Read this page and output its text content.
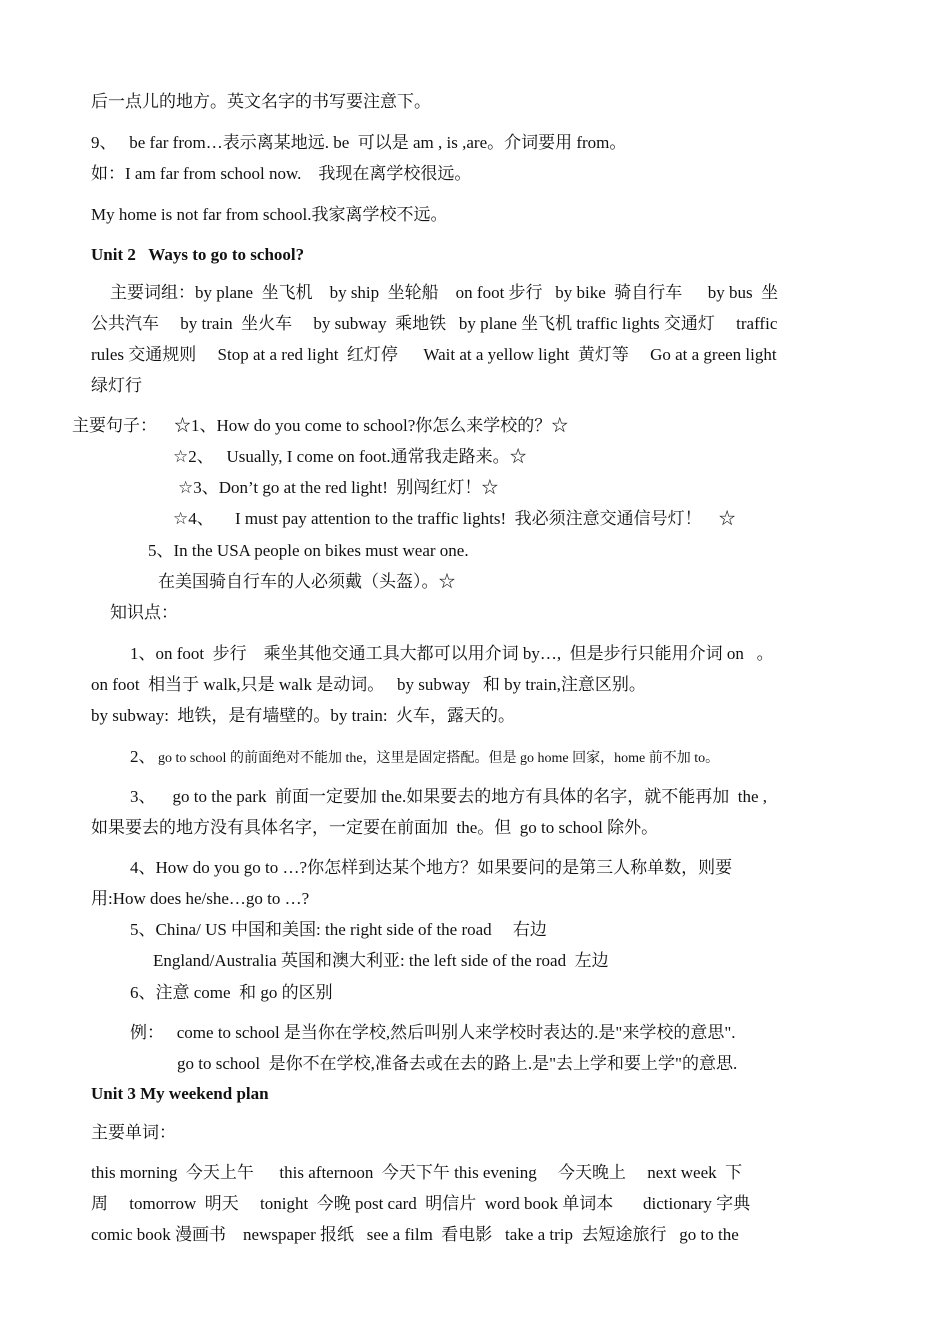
后一点儿的地方。英文名字的书写要注意下。
9、   be far from…表示离某地远. be  可以是 am , is ,are。介词要用 from。
如：I am far from school now.    我现在离学校很远。
My home is not far from school.我家离学校不远。
Unit 2   Ways to go to school?
主要词组：by plane  坐飞机    by ship  坐轮船    on foot 步行   by bike  骑自行车      by bus  坐
公共汽车     by train  坐火车     by subway  乘地铁   by plane 坐飞机 traffic lights 交通灯     traffic
rules 交通规则     Stop at a red light  红灯停      Wait at a yellow light  黄灯等     Go at a green light
绿灯行
主要句子：    ☆1、How do you come to school?你怎么来学校的？☆
☆2、   Usually, I come on foot.通常我走路来。☆
☆3、Don’t go at the red light!  别闯红灯！☆
☆4、     I must pay attention to the traffic lights!  我必须注意交通信号灯！    ☆
5、In the USA people on bikes must wear one.
在美国骑自行车的人必须戴（头盔）。☆
知识点：
1、on foot  步行    乘坐其他交通工具大都可以用介词 by…,  但是步行只能用介词 on   。
on foot  相当于 walk,只是 walk 是动词。   by subway   和 by train,注意区别。
by subway:  地铁，是有墙壁的。by train:  火车，露天的。
2、 go to school 的前面绝对不能加 the，这里是固定搭配。但是 go home 回家，home 前不加 to。
3、    go to the park  前面一定要加 the.如果要去的地方有具体的名字，就不能再加  the ,
如果要去的地方没有具体名字，一定要在前面加  the。但  go to school 除外。
4、How do you go to …?你怎样到达某个地方？如果要问的是第三人称单数，则要
用:How does he/she…go to …?
5、China/ US 中国和美国: the right side of the road     右边
England/Australia 英国和澳大利亚: the left side of the road  左边
6、注意 come  和 go 的区别
例：   come to school 是当你在学校,然后叫别人来学校时表达的.是"来学校的意思".
go to school  是你不在学校,准备去或在去的路上.是"去上学和要上学"的意思.
Unit 3 My weekend plan
主要单词：
this morning  今天上午      this afternoon  今天下午 this evening     今天晚上     next week  下
周     tomorrow  明天     tonight  今晚 post card  明信片  word book 单词本       dictionary 字典
comic book 漫画书    newspaper 报纸   see a film  看电影   take a trip  去短途旅行   go to the
